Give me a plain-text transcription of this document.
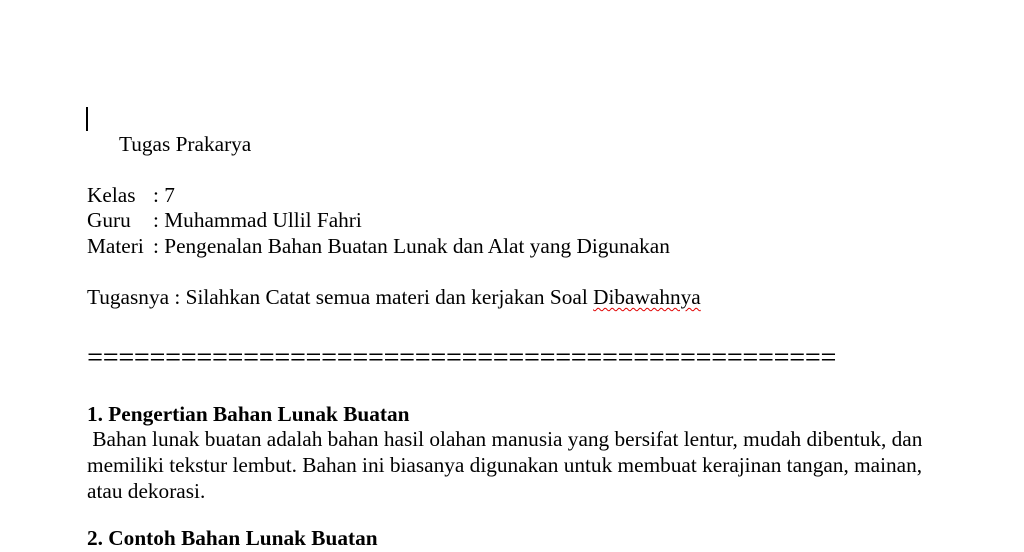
Tugas Prakarya

Kelas : 7
Guru : Muhammad Ullil Fahri
Materi : Pengenalan Bahan Buatan Lunak dan Alat yang Digunakan
Tugasnya : Silahkan Catat semua materi dan kerjakan Soal Dibawahnya
================================================
1. Pengertian Bahan Lunak Buatan
Bahan lunak buatan adalah bahan hasil olahan manusia yang bersifat lentur, mudah dibentuk, dan memiliki tekstur lembut. Bahan ini biasanya digunakan untuk membuat kerajinan tangan, mainan, atau dekorasi.
2. Contoh Bahan Lunak Buatan
